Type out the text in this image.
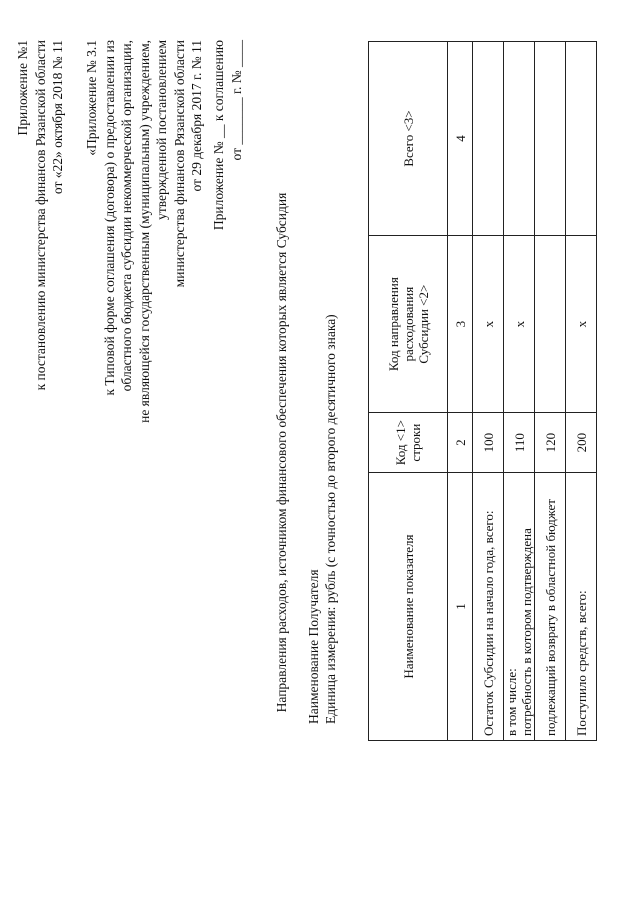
Приложение №1 к постановлению министерства финансов Рязанской области от «22» октября 2018 № 11 «Приложение № 3.1 к Типовой форме соглашения (договора) о предоставлении из областного бюджета субсидии некоммерческой организации, не являющейся государственным (муниципальным) учреждением, утвержденной постановлением министерства финансов Рязанской области от 29 декабря 2017 г. № 11 Приложение № __ к соглашению от _______ г. № ____
Направления расходов, источником финансового обеспечения которых является Субсидия Наименование Получателя Единица измерения: рубль (с точностью до второго десятичного знака)	Наименование показателя	Код <1> строки	Код направления расходования Субсидии <2>	Всего <3>
1	2	3	4
Остаток Субсидии на начало года, всего:	100	x	

в том числе: потребность в котором подтверждена	110	x	
подлежащий возврату в областной бюджет	120		
Поступило средств, всего:	200	x	
